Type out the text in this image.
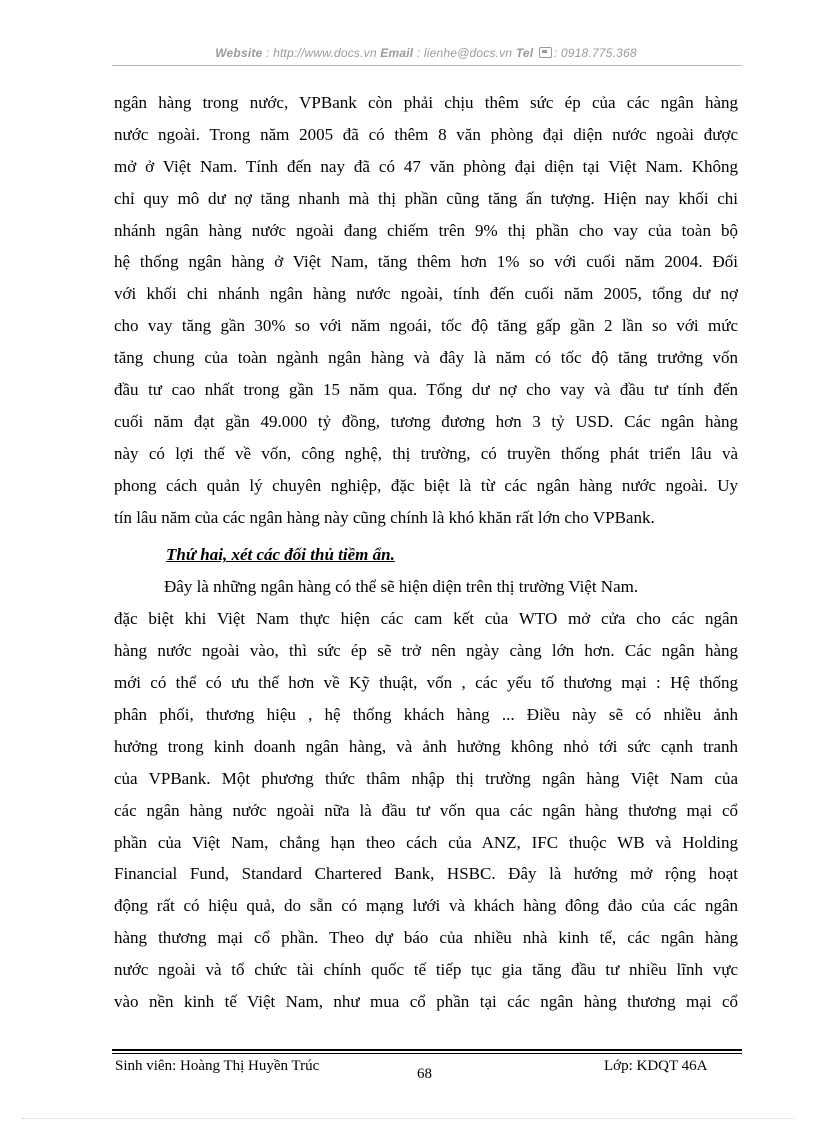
Website : http://www.docs.vn Email : lienhe@docs.vn Tel : 0918.775.368
ngân hàng trong nước, VPBank còn phải chịu thêm sức ép của các ngân hàng
nước ngoài. Trong năm 2005 đã có thêm 8 văn phòng đại diện nước ngoài được
mở ở Việt Nam. Tính đến nay đã có 47 văn phòng đại diện tại Việt Nam. Không
chỉ quy mô dư nợ tăng nhanh mà thị phần cũng tăng ấn tượng. Hiện nay khối chi
nhánh ngân hàng nước ngoài đang chiếm trên 9% thị phần cho vay của toàn bộ
hệ thống ngân hàng ở Việt Nam, tăng thêm hơn 1% so với cuối năm 2004. Đối
với khối chi nhánh ngân hàng nước ngoài, tính đến cuối năm 2005, tổng dư nợ
cho vay tăng gần 30% so với năm ngoái, tốc độ tăng gấp gần 2 lần so với mức
tăng chung của toàn ngành ngân hàng và đây là năm có tốc độ tăng trưởng vốn
đầu tư cao nhất trong gần 15 năm qua. Tổng dư nợ cho vay và đầu tư tính đến
cuối năm đạt gần 49.000 tỷ đồng, tương đương hơn 3 tỷ USD. Các ngân hàng
này có lợi thế về vốn, công nghệ, thị trường, có truyền thống phát triển lâu và
phong cách quản lý chuyên nghiệp, đặc biệt là từ các ngân hàng nước ngoài. Uy
tín lâu năm của các ngân hàng này cũng chính là khó khăn rất lớn cho VPBank.
Thứ hai, xét các đối thủ tiềm ẩn.
Đây là những ngân hàng có thể sẽ hiện diện trên thị trường Việt Nam.
đặc biệt khi Việt Nam thực hiện các cam kết của WTO mở cửa cho các ngân
hàng nước ngoài vào, thì sức ép sẽ trở nên ngày càng lớn hơn. Các ngân hàng
mới có thể có ưu thế hơn về Kỹ thuật, vốn , các yếu tố thương mại : Hệ thống
phân phối, thương hiệu , hệ thống khách hàng ... Điều này sẽ có nhiều ảnh
hưởng trong kinh doanh ngân hàng, và ảnh hưởng không nhỏ tới sức cạnh tranh
của VPBank. Một phương thức thâm nhập thị trường ngân hàng Việt Nam của
các ngân hàng nước ngoài nữa là đầu tư vốn qua các ngân hàng thương mại cổ
phần của Việt Nam, chẳng hạn theo cách của ANZ, IFC thuộc WB và Holding
Financial Fund, Standard Chartered Bank, HSBC. Đây là hướng mở rộng hoạt
động rất có hiệu quả, do sẵn có mạng lưới và khách hàng đông đảo của các ngân
hàng thương mại cổ phần. Theo dự báo của nhiều nhà kinh tế, các ngân hàng
nước ngoài và tổ chức tài chính quốc tế tiếp tục gia tăng đầu tư nhiều lĩnh vực
vào nền kinh tế Việt Nam, như mua cổ phần tại các ngân hàng thương mại cổ
Sinh viên: Hoàng Thị Huyền Trúc	68	Lớp: KDQT 46A
